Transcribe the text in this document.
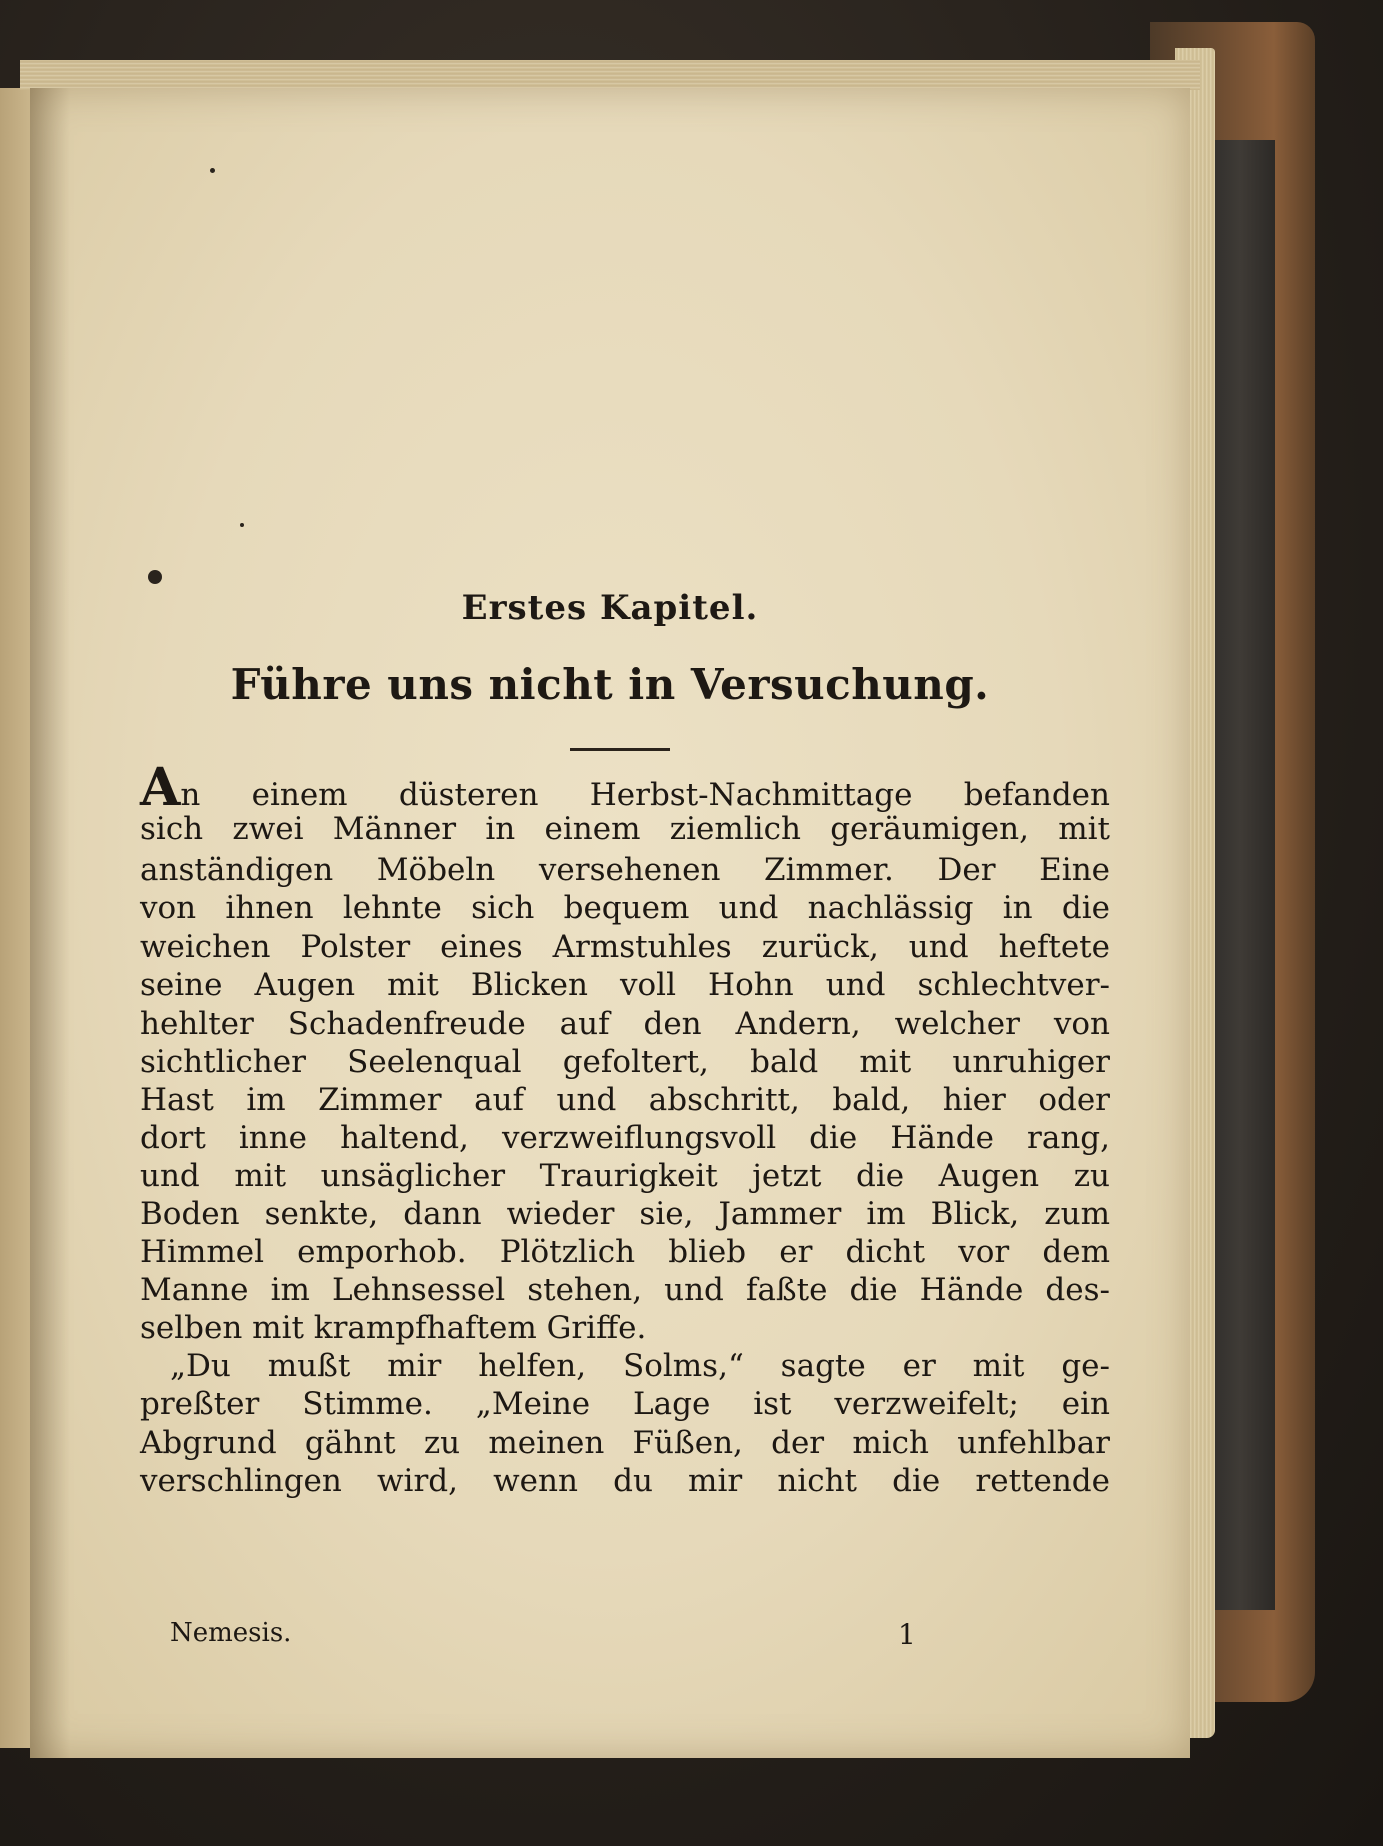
Erstes Kapitel.
Führe uns nicht in Versuchung.

An einem düsteren Herbst-Nachmittage befanden

sich zwei Männer in einem ziemlich geräumigen, mit

anständigen Möbeln versehenen Zimmer. Der Eine

von ihnen lehnte sich bequem und nachlässig in die

weichen Polster eines Armstuhles zurück, und heftete

seine Augen mit Blicken voll Hohn und schlechtver-

hehlter Schadenfreude auf den Andern, welcher von

sichtlicher Seelenqual gefoltert, bald mit unruhiger

Hast im Zimmer auf und abschritt, bald, hier oder

dort inne haltend, verzweiflungsvoll die Hände rang,

und mit unsäglicher Traurigkeit jetzt die Augen zu

Boden senkte, dann wieder sie, Jammer im Blick, zum

Himmel emporhob. Plötzlich blieb er dicht vor dem

Manne im Lehnsessel stehen, und faßte die Hände des-

selben mit krampfhaftem Griffe.

„Du mußt mir helfen, Solms,“ sagte er mit ge-

preßter Stimme. „Meine Lage ist verzweifelt; ein

Abgrund gähnt zu meinen Füßen, der mich unfehlbar

verschlingen wird, wenn du mir nicht die rettende

Nemesis.	1
